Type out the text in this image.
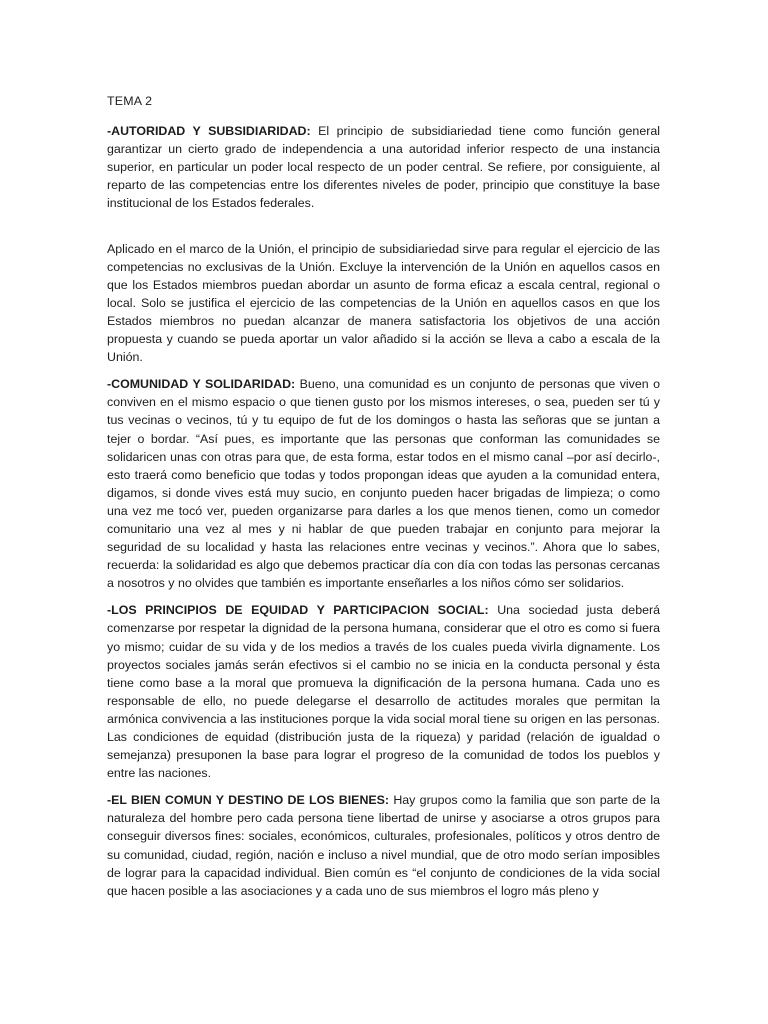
TEMA 2

-AUTORIDAD Y SUBSIDIARIDAD: El principio de subsidiariedad tiene como función general garantizar un cierto grado de independencia a una autoridad inferior respecto de una instancia superior, en particular un poder local respecto de un poder central. Se refiere, por consiguiente, al reparto de las competencias entre los diferentes niveles de poder, principio que constituye la base institucional de los Estados federales.

Aplicado en el marco de la Unión, el principio de subsidiariedad sirve para regular el ejercicio de las competencias no exclusivas de la Unión. Excluye la intervención de la Unión en aquellos casos en que los Estados miembros puedan abordar un asunto de forma eficaz a escala central, regional o local. Solo se justifica el ejercicio de las competencias de la Unión en aquellos casos en que los Estados miembros no puedan alcanzar de manera satisfactoria los objetivos de una acción propuesta y cuando se pueda aportar un valor añadido si la acción se lleva a cabo a escala de la Unión.

-COMUNIDAD Y SOLIDARIDAD: Bueno, una comunidad es un conjunto de personas que viven o conviven en el mismo espacio o que tienen gusto por los mismos intereses, o sea, pueden ser tú y tus vecinas o vecinos, tú y tu equipo de fut de los domingos o hasta las señoras que se juntan a tejer o bordar. “Así pues, es importante que las personas que conforman las comunidades se solidaricen unas con otras para que, de esta forma, estar todos en el mismo canal –por así decirlo-, esto traerá como beneficio que todas y todos propongan ideas que ayuden a la comunidad entera, digamos, si donde vives está muy sucio, en conjunto pueden hacer brigadas de limpieza; o como una vez me tocó ver, pueden organizarse para darles a los que menos tienen, como un comedor comunitario una vez al mes y ni hablar de que pueden trabajar en conjunto para mejorar la seguridad de su localidad y hasta las relaciones entre vecinas y vecinos.”. Ahora que lo sabes, recuerda: la solidaridad es algo que debemos practicar día con día con todas las personas cercanas a nosotros y no olvides que también es importante enseñarles a los niños cómo ser solidarios.

-LOS PRINCIPIOS DE EQUIDAD Y PARTICIPACION SOCIAL: Una sociedad justa deberá comenzarse por respetar la dignidad de la persona humana, considerar que el otro es como si fuera yo mismo; cuidar de su vida y de los medios a través de los cuales pueda vivirla dignamente. Los proyectos sociales jamás serán efectivos si el cambio no se inicia en la conducta personal y ésta tiene como base a la moral que promueva la dignificación de la persona humana. Cada uno es responsable de ello, no puede delegarse el desarrollo de actitudes morales que permitan la armónica convivencia a las instituciones porque la vida social moral tiene su origen en las personas. Las condiciones de equidad (distribución justa de la riqueza) y paridad (relación de igualdad o semejanza) presuponen la base para lograr el progreso de la comunidad de todos los pueblos y entre las naciones.

-EL BIEN COMUN Y DESTINO DE LOS BIENES: Hay grupos como la familia que son parte de la naturaleza del hombre pero cada persona tiene libertad de unirse y asociarse a otros grupos para conseguir diversos fines: sociales, económicos, culturales, profesionales, políticos y otros dentro de su comunidad, ciudad, región, nación e incluso a nivel mundial, que de otro modo serían imposibles de lograr para la capacidad individual. Bien común es “el conjunto de condiciones de la vida social que hacen posible a las asociaciones y a cada uno de sus miembros el logro más pleno y
